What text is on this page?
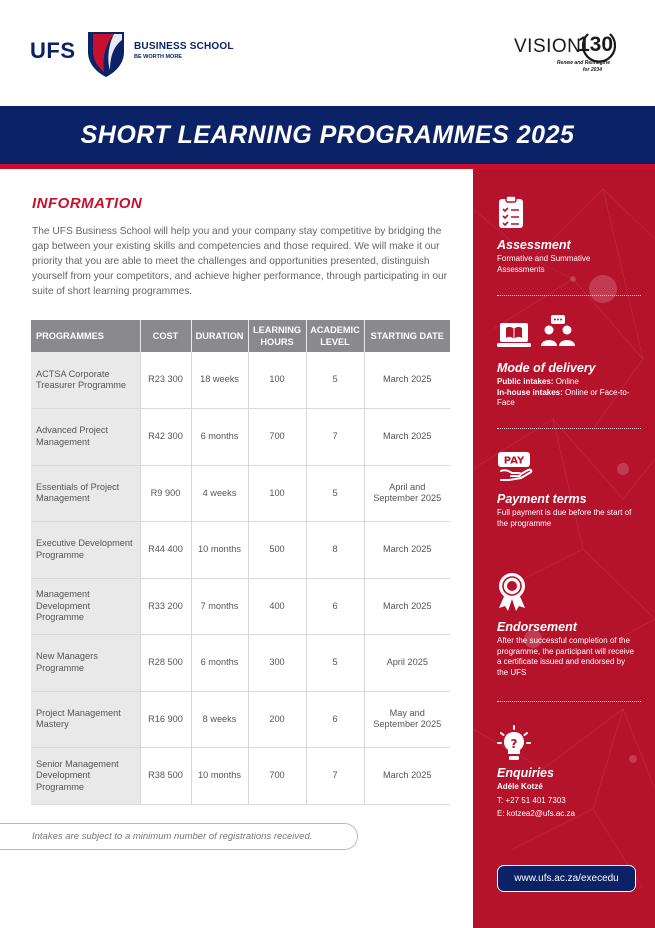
UFS	BUSINESS SCHOOL
BE WORTH MORE	VISION
130
Renew and Reimagine
for 2034
SHORT LEARNING PROGRAMMES 2025
INFORMATION

The UFS Business School will help you and your company stay competitive by bridging the gap between your existing skills and competencies and those required. We will make it our priority that you are able to meet the challenges and opportunities presented, distinguish yourself from your competitors, and achieve higher performance, through participating in our suite of short learning programmes.

PROGRAMMES	COST	DURATION	LEARNING HOURS	ACADEMIC LEVEL	STARTING DATE
ACTSA Corporate Treasurer Programme	R23 300	18 weeks	100	5	March 2025
Advanced Project Management	R42 300	6 months	700	7	March 2025
Essentials of Project Management	R9 900	4 weeks	100	5	April and September 2025
Executive Development Programme	R44 400	10 months	500	8	March 2025
Management Development Programme	R33 200	7 months	400	6	March 2025
New Managers Programme	R28 500	6 months	300	5	April 2025
Project Management Mastery	R16 900	8 weeks	200	6	May and September 2025
Senior Management Development Programme	R38 500	10 months	700	7	March 2025
Intakes are subject to a minimum number of registrations received.
Assessment
Formative and Summative Assessments
Mode of delivery
Public intakes: Online
In-house intakes: Online or Face-to-Face
PAY
Payment terms
Full payment is due before the start of the programme
Endorsement
After the successful completion of the programme, the participant will receive a certificate issued and endorsed by the UFS
?
Enquiries
Adéle Kotzé
T: +27 51 401 7303
E: kotzea2@ufs.ac.za
www.ufs.ac.za/execedu
